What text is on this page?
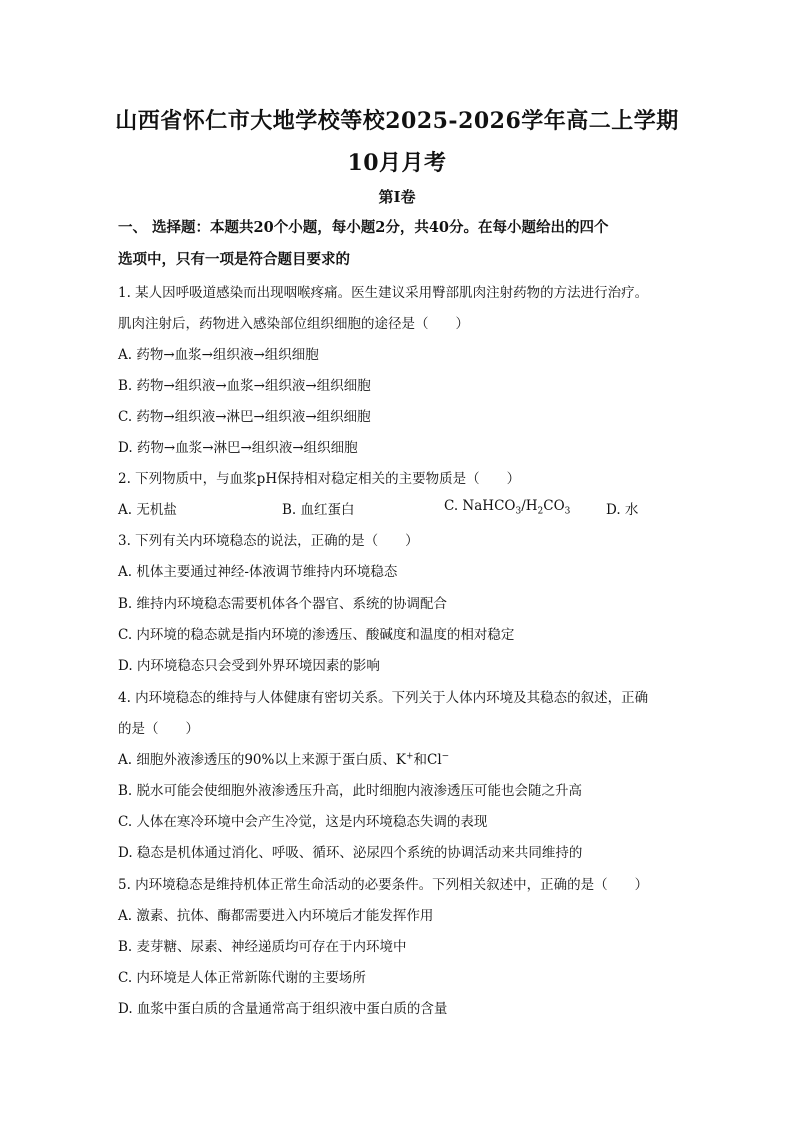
山西省怀仁市大地学校等校2025-2026学年高二上学期
10月月考
第Ⅰ卷
一、 选择题：本题共20个小题，每小题2分，共40分。在每小题给出的四个
选项中，只有一项是符合题目要求的
1. 某人因呼吸道感染而出现咽喉疼痛。医生建议采用臀部肌肉注射药物的方法进行治疗。
肌肉注射后，药物进入感染部位组织细胞的途径是（　　）
A. 药物→血浆→组织液→组织细胞
B. 药物→组织液→血浆→组织液→组织细胞
C. 药物→组织液→淋巴→组织液→组织细胞
D. 药物→血浆→淋巴→组织液→组织细胞
2. 下列物质中，与血浆pH保持相对稳定相关的主要物质是（　　）
A. 无机盐	B. 血红蛋白	C. $NaHCO_3/H_2CO_3$	D. 水
3. 下列有关内环境稳态的说法，正确的是（　　）
A. 机体主要通过神经-体液调节维持内环境稳态
B. 维持内环境稳态需要机体各个器官、系统的协调配合
C. 内环境的稳态就是指内环境的渗透压、酸碱度和温度的相对稳定
D. 内环境稳态只会受到外界环境因素的影响
4. 内环境稳态的维持与人体健康有密切关系。下列关于人体内环境及其稳态的叙述，正确
的是（　　）
A. 细胞外液渗透压的90%以上来源于蛋白质、K+和Cl−
B. 脱水可能会使细胞外液渗透压升高，此时细胞内液渗透压可能也会随之升高
C. 人体在寒冷环境中会产生冷觉，这是内环境稳态失调的表现
D. 稳态是机体通过消化、呼吸、循环、泌尿四个系统的协调活动来共同维持的
5. 内环境稳态是维持机体正常生命活动的必要条件。下列相关叙述中，正确的是（　　）
A. 激素、抗体、酶都需要进入内环境后才能发挥作用
B. 麦芽糖、尿素、神经递质均可存在于内环境中
C. 内环境是人体正常新陈代谢的主要场所
D. 血浆中蛋白质的含量通常高于组织液中蛋白质的含量
